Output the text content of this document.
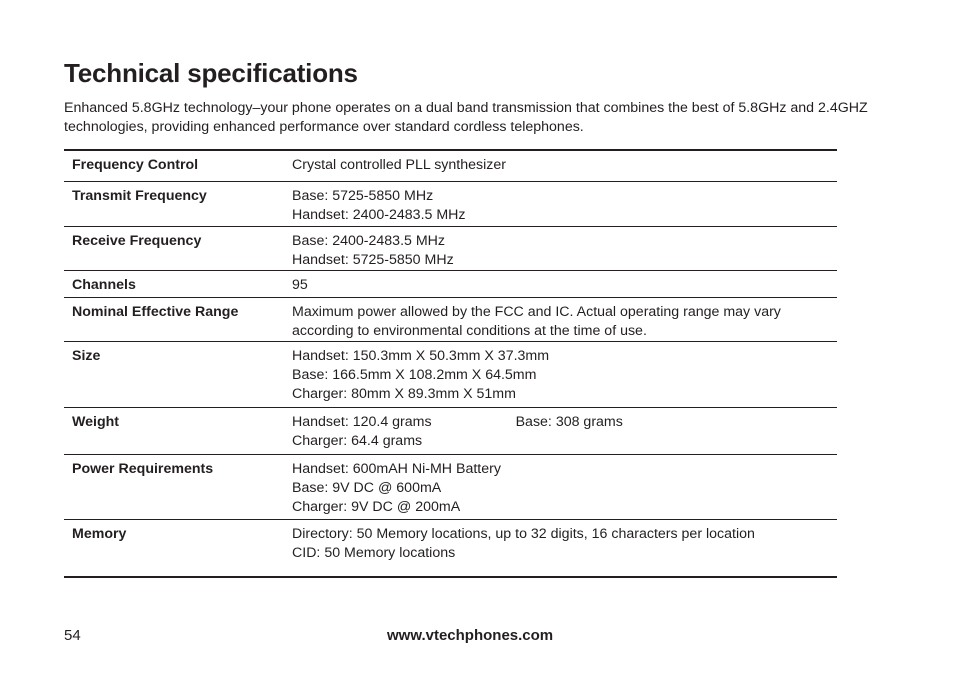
Technical specifications

Enhanced 5.8GHz technology–your phone operates on a dual band transmission that combines the best of 5.8GHz and 2.4GHZ technologies, providing enhanced performance over standard cordless telephones.

Frequency Control	Crystal controlled PLL synthesizer

Transmit Frequency	Base: 5725-5850 MHz
Handset: 2400-2483.5 MHz

Receive Frequency	Base: 2400-2483.5 MHz
Handset: 5725-5850 MHz

Channels	95

Nominal Effective Range	Maximum power allowed by the FCC and IC. Actual operating range may vary
according to environmental conditions at the time of use.

Size	Handset: 150.3mm X 50.3mm X 37.3mm
Base: 166.5mm X 108.2mm X 64.5mm
Charger: 80mm X 89.3mm X 51mm

Weight	Handset: 120.4 grams Base: 308 grams
Charger: 64.4 grams

Power Requirements	Handset: 600mAH Ni-MH Battery
Base: 9V DC @ 600mA
Charger: 9V DC @ 200mA

Memory	Directory: 50 Memory locations, up to 32 digits, 16 characters per location
CID: 50 Memory locations
54	www.vtechphones.com
